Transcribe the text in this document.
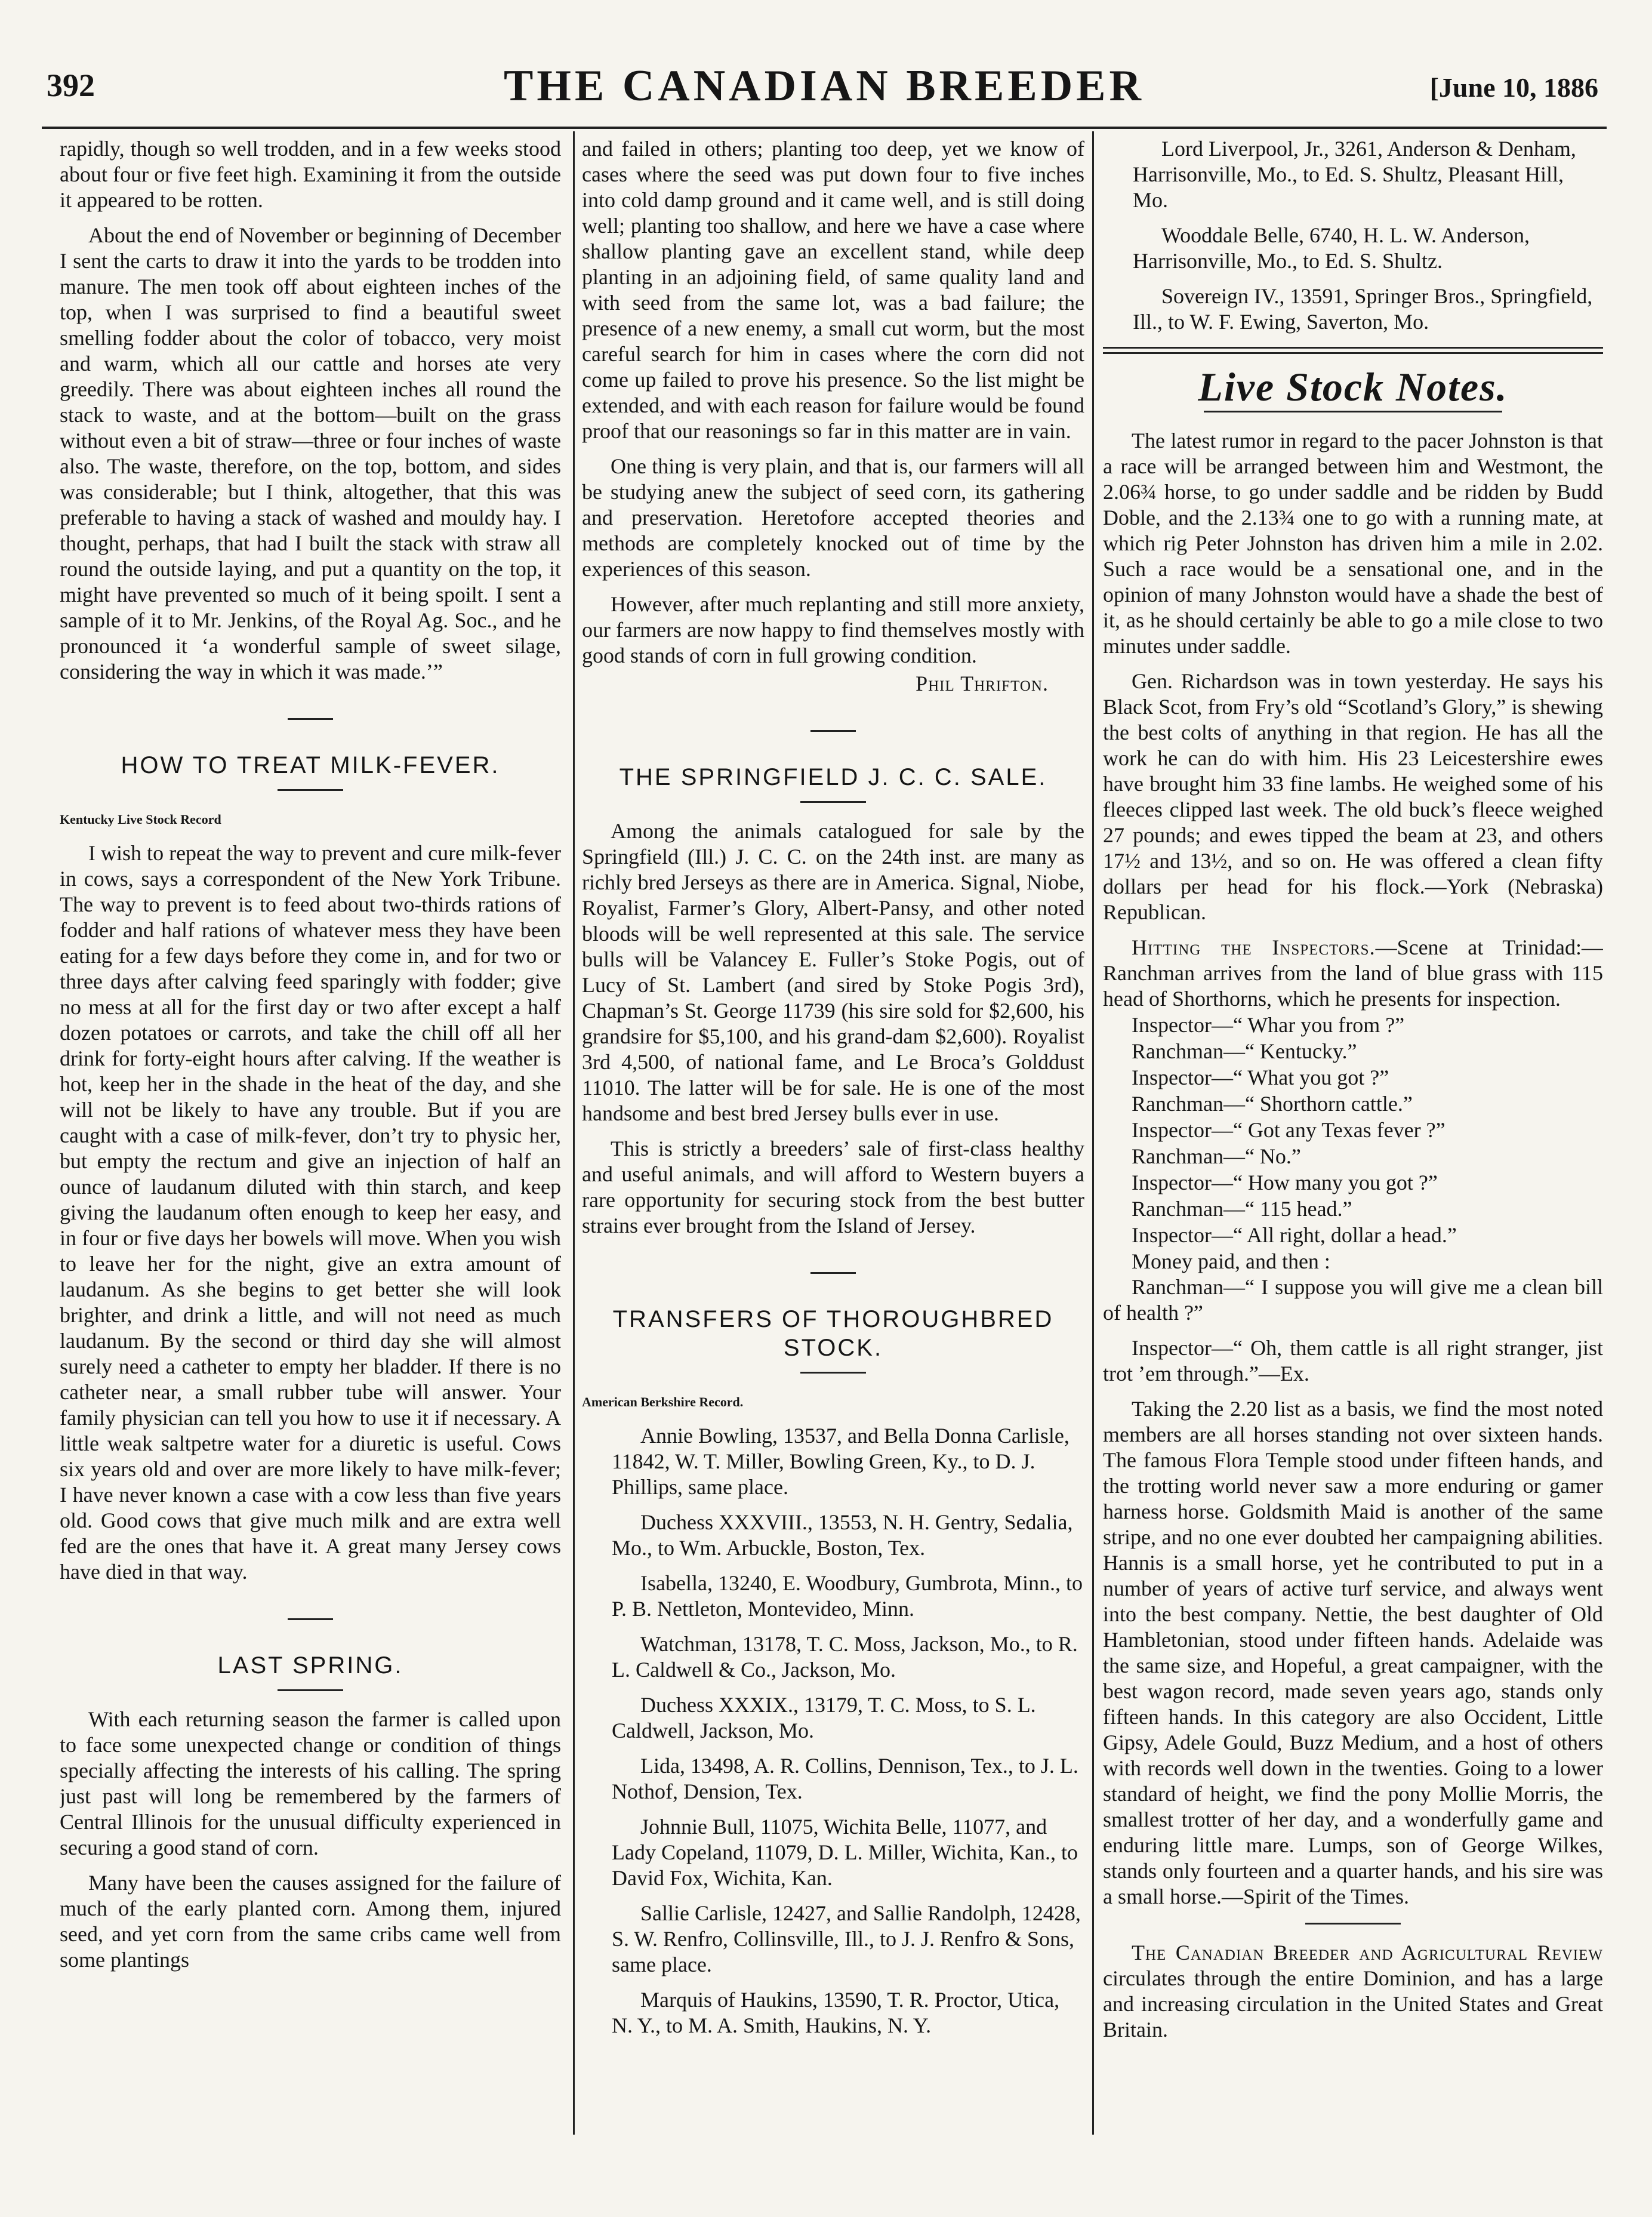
392	THE CANADIAN BREEDER	[June 10, 1886

rapidly, though so well trodden, and in a few weeks stood about four or five feet high. Examining it from the outside it appeared to be rotten.

About the end of November or beginning of December I sent the carts to draw it into the yards to be trodden into manure. The men took off about eighteen inches of the top, when I was surprised to find a beautiful sweet smelling fodder about the color of tobacco, very moist and warm, which all our cattle and horses ate very greedily. There was about eighteen inches all round the stack to waste, and at the bottom—built on the grass without even a bit of straw—three or four inches of waste also. The waste, therefore, on the top, bottom, and sides was considerable; but I think, altogether, that this was preferable to having a stack of washed and mouldy hay. I thought, perhaps, that had I built the stack with straw all round the outside laying, and put a quantity on the top, it might have prevented so much of it being spoilt. I sent a sample of it to Mr. Jenkins, of the Royal Ag. Soc., and he pronounced it ‘a wonderful sample of sweet silage, considering the way in which it was made.’”

HOW TO TREAT MILK-FEVER.
Kentucky Live Stock Record

I wish to repeat the way to prevent and cure milk-fever in cows, says a correspondent of the New York Tribune. The way to prevent is to feed about two-thirds rations of fodder and half rations of whatever mess they have been eating for a few days before they come in, and for two or three days after calving feed sparingly with fodder; give no mess at all for the first day or two after except a half dozen potatoes or carrots, and take the chill off all her drink for forty-eight hours after calving. If the weather is hot, keep her in the shade in the heat of the day, and she will not be likely to have any trouble. But if you are caught with a case of milk-fever, don’t try to physic her, but empty the rectum and give an injection of half an ounce of laudanum diluted with thin starch, and keep giving the laudanum often enough to keep her easy, and in four or five days her bowels will move. When you wish to leave her for the night, give an extra amount of laudanum. As she begins to get better she will look brighter, and drink a little, and will not need as much laudanum. By the second or third day she will almost surely need a catheter to empty her bladder. If there is no catheter near, a small rubber tube will answer. Your family physician can tell you how to use it if necessary. A little weak saltpetre water for a diuretic is useful. Cows six years old and over are more likely to have milk-fever; I have never known a case with a cow less than five years old. Good cows that give much milk and are extra well fed are the ones that have it. A great many Jersey cows have died in that way.

LAST SPRING.

With each returning season the farmer is called upon to face some unexpected change or condition of things specially affecting the interests of his calling. The spring just past will long be remembered by the farmers of Central Illinois for the unusual difficulty experienced in securing a good stand of corn.

Many have been the causes assigned for the failure of much of the early planted corn. Among them, injured seed, and yet corn from the same cribs came well from some plantings

and failed in others; planting too deep, yet we know of cases where the seed was put down four to five inches into cold damp ground and it came well, and is still doing well; planting too shallow, and here we have a case where shallow planting gave an excellent stand, while deep planting in an adjoining field, of same quality land and with seed from the same lot, was a bad failure; the presence of a new enemy, a small cut worm, but the most careful search for him in cases where the corn did not come up failed to prove his presence. So the list might be extended, and with each reason for failure would be found proof that our reasonings so far in this matter are in vain.

One thing is very plain, and that is, our farmers will all be studying anew the subject of seed corn, its gathering and preservation. Heretofore accepted theories and methods are completely knocked out of time by the experiences of this season.

However, after much replanting and still more anxiety, our farmers are now happy to find themselves mostly with good stands of corn in full growing condition.

Phil Thrifton.
THE SPRINGFIELD J. C. C. SALE.

Among the animals catalogued for sale by the Springfield (Ill.) J. C. C. on the 24th inst. are many as richly bred Jerseys as there are in America. Signal, Niobe, Royalist, Farmer’s Glory, Albert-Pansy, and other noted bloods will be well represented at this sale. The service bulls will be Valancey E. Fuller’s Stoke Pogis, out of Lucy of St. Lambert (and sired by Stoke Pogis 3rd), Chapman’s St. George 11739 (his sire sold for $2,600, his grandsire for $5,100, and his grand-dam $2,600). Royalist 3rd 4,500, of national fame, and Le Broca’s Golddust 11010. The latter will be for sale. He is one of the most handsome and best bred Jersey bulls ever in use.

This is strictly a breeders’ sale of first-class healthy and useful animals, and will afford to Western buyers a rare opportunity for securing stock from the best butter strains ever brought from the Island of Jersey.

TRANSFERS OF THOROUGHBRED STOCK.
American Berkshire Record.

Annie Bowling, 13537, and Bella Donna Carlisle, 11842, W. T. Miller, Bowling Green, Ky., to D. J. Phillips, same place.

Duchess XXXVIII., 13553, N. H. Gentry, Sedalia, Mo., to Wm. Arbuckle, Boston, Tex.

Isabella, 13240, E. Woodbury, Gumbrota, Minn., to P. B. Nettleton, Montevideo, Minn.

Watchman, 13178, T. C. Moss, Jackson, Mo., to R. L. Caldwell & Co., Jackson, Mo.

Duchess XXXIX., 13179, T. C. Moss, to S. L. Caldwell, Jackson, Mo.

Lida, 13498, A. R. Collins, Dennison, Tex., to J. L. Nothof, Dension, Tex.

Johnnie Bull, 11075, Wichita Belle, 11077, and Lady Copeland, 11079, D. L. Miller, Wichita, Kan., to David Fox, Wichita, Kan.

Sallie Carlisle, 12427, and Sallie Randolph, 12428, S. W. Renfro, Collinsville, Ill., to J. J. Renfro & Sons, same place.

Marquis of Haukins, 13590, T. R. Proctor, Utica, N. Y., to M. A. Smith, Haukins, N. Y.

Lord Liverpool, Jr., 3261, Anderson & Denham, Harrisonville, Mo., to Ed. S. Shultz, Pleasant Hill, Mo.

Wooddale Belle, 6740, H. L. W. Anderson, Harrisonville, Mo., to Ed. S. Shultz.

Sovereign IV., 13591, Springer Bros., Springfield, Ill., to W. F. Ewing, Saverton, Mo.

Live Stock Notes.

The latest rumor in regard to the pacer Johnston is that a race will be arranged between him and Westmont, the 2.06¾ horse, to go under saddle and be ridden by Budd Doble, and the 2.13¾ one to go with a running mate, at which rig Peter Johnston has driven him a mile in 2.02. Such a race would be a sensational one, and in the opinion of many Johnston would have a shade the best of it, as he should certainly be able to go a mile close to two minutes under saddle.

Gen. Richardson was in town yesterday. He says his Black Scot, from Fry’s old “Scotland’s Glory,” is shewing the best colts of anything in that region. He has all the work he can do with him. His 23 Leicestershire ewes have brought him 33 fine lambs. He weighed some of his fleeces clipped last week. The old buck’s fleece weighed 27 pounds; and ewes tipped the beam at 23, and others 17½ and 13½, and so on. He was offered a clean fifty dollars per head for his flock.—York (Nebraska) Republican.

Hitting the Inspectors.—Scene at Trinidad:—Ranchman arrives from the land of blue grass with 115 head of Shorthorns, which he presents for inspection.

Inspector—“ Whar you from ?”
Ranchman—“ Kentucky.”
Inspector—“ What you got ?”
Ranchman—“ Shorthorn cattle.”
Inspector—“ Got any Texas fever ?”
Ranchman—“ No.”
Inspector—“ How many you got ?”
Ranchman—“ 115 head.”
Inspector—“ All right, dollar a head.”
Money paid, and then :

Ranchman—“ I suppose you will give me a clean bill of health ?”

Inspector—“ Oh, them cattle is all right stranger, jist trot ’em through.”—Ex.

Taking the 2.20 list as a basis, we find the most noted members are all horses standing not over sixteen hands. The famous Flora Temple stood under fifteen hands, and the trotting world never saw a more enduring or gamer harness horse. Goldsmith Maid is another of the same stripe, and no one ever doubted her campaigning abilities. Hannis is a small horse, yet he contributed to put in a number of years of active turf service, and always went into the best company. Nettie, the best daughter of Old Hambletonian, stood under fifteen hands. Adelaide was the same size, and Hopeful, a great campaigner, with the best wagon record, made seven years ago, stands only fifteen hands. In this category are also Occident, Little Gipsy, Adele Gould, Buzz Medium, and a host of others with records well down in the twenties. Going to a lower standard of height, we find the pony Mollie Morris, the smallest trotter of her day, and a wonderfully game and enduring little mare. Lumps, son of George Wilkes, stands only fourteen and a quarter hands, and his sire was a small horse.—Spirit of the Times.

The Canadian Breeder and Agricultural Review circulates through the entire Dominion, and has a large and increasing circulation in the United States and Great Britain.
